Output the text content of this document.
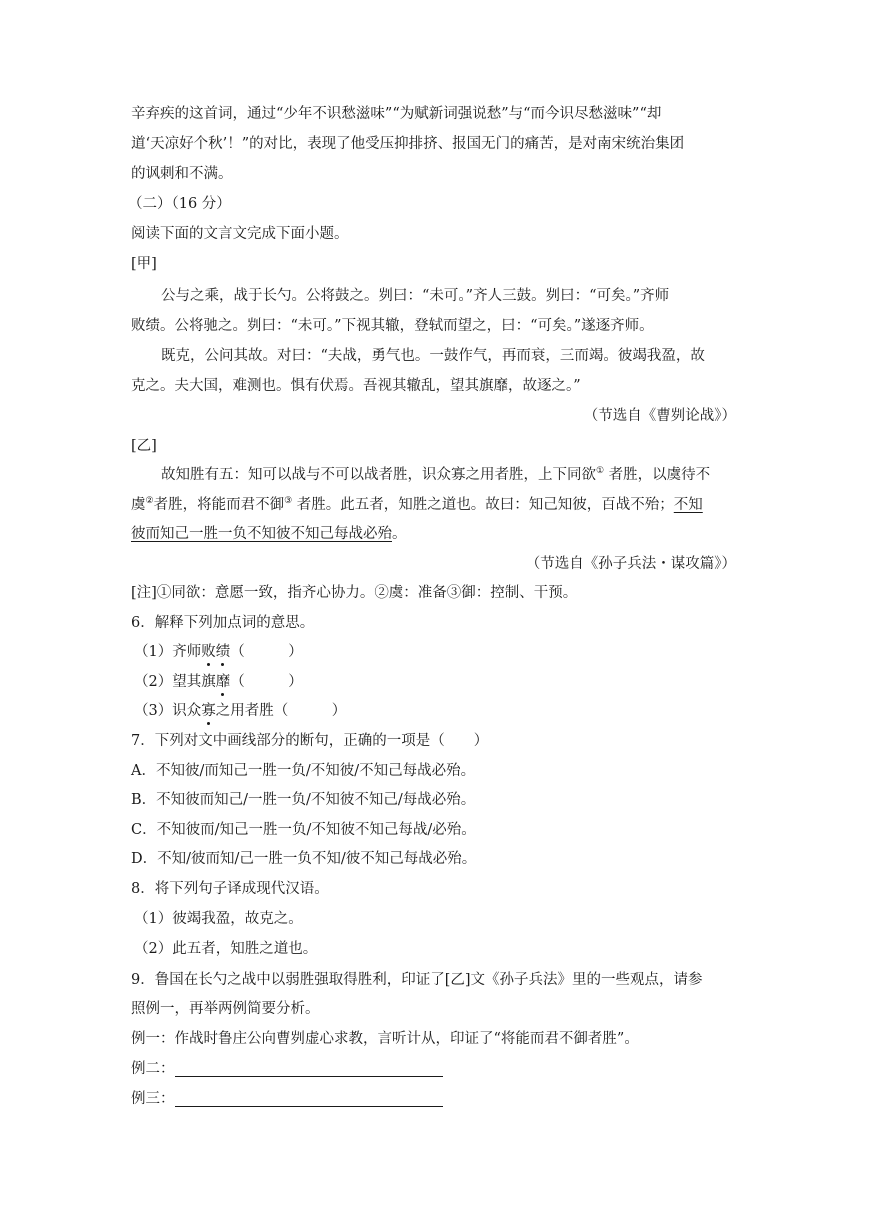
辛弃疾的这首词，通过“少年不识愁滋味”“为赋新词强说愁”与“而今识尽愁滋味”“却
道‘天凉好个秋’！”的对比，表现了他受压抑排挤、报国无门的痛苦，是对南宋统治集团
的讽刺和不满。
（二）（16 分）
阅读下面的文言文完成下面小题。
[甲]
公与之乘，战于长勺。公将鼓之。刿曰：“未可。”齐人三鼓。刿曰：“可矣。”齐师
败绩。公将驰之。刿曰：“未可。”下视其辙，登轼而望之，曰：“可矣。”遂逐齐师。
既克，公问其故。对曰：“夫战，勇气也。一鼓作气，再而衰，三而竭。彼竭我盈，故
克之。夫大国，难测也。惧有伏焉。吾视其辙乱，望其旗靡，故逐之。”
（节选自《曹刿论战》）
[乙]
故知胜有五：知可以战与不可以战者胜，识众寡之用者胜，上下同欲① 者胜，以虞待不
虞②者胜，将能而君不御③ 者胜。此五者，知胜之道也。故曰：知己知彼，百战不殆；不知
彼而知己一胜一负不知彼不知己每战必殆。
（节选自《孙子兵法・谋攻篇》）
[注]①同欲：意愿一致，指齐心协力。②虞：准备③御：控制、干预。
6．解释下列加点词的意思。
（1）齐师败绩（　　　）
（2）望其旗靡（　　　）
（3）识众寡之用者胜（　　　）
7．下列对文中画线部分的断句，正确的一项是（　　）
A．不知彼/而知己一胜一负/不知彼/不知己每战必殆。
B．不知彼而知己/一胜一负/不知彼不知己/每战必殆。
C．不知彼而/知己一胜一负/不知彼不知己每战/必殆。
D．不知/彼而知/己一胜一负不知/彼不知己每战必殆。
8．将下列句子译成现代汉语。
（1）彼竭我盈，故克之。
（2）此五者，知胜之道也。
9．鲁国在长勺之战中以弱胜强取得胜利，印证了[乙]文《孙子兵法》里的一些观点，请参
照例一，再举两例简要分析。
例一：作战时鲁庄公向曹刿虚心求教，言听计从，印证了“将能而君不御者胜”。
例二：
例三：
